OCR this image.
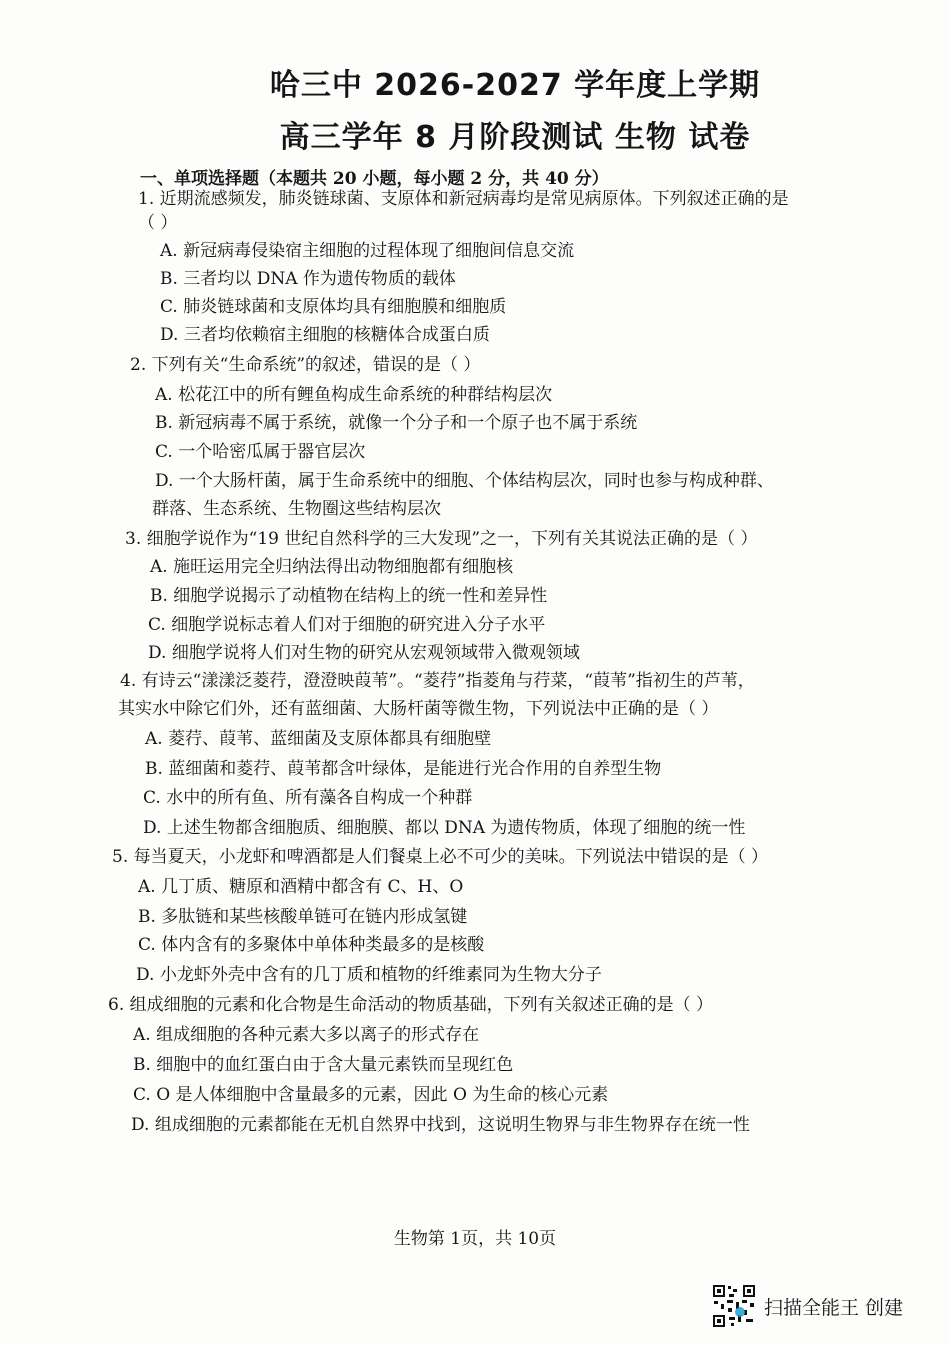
哈三中 2026-2027 学年度上学期
高三学年 8 月阶段测试 生物 试卷
一、单项选择题（本题共 20 小题，每小题 2 分，共 40 分）
1. 近期流感频发，肺炎链球菌、支原体和新冠病毒均是常见病原体。下列叙述正确的是
（ ）
A. 新冠病毒侵染宿主细胞的过程体现了细胞间信息交流
B. 三者均以 DNA 作为遗传物质的载体
C. 肺炎链球菌和支原体均具有细胞膜和细胞质
D. 三者均依赖宿主细胞的核糖体合成蛋白质
2. 下列有关“生命系统”的叙述，错误的是（ ）
A. 松花江中的所有鲤鱼构成生命系统的种群结构层次
B. 新冠病毒不属于系统，就像一个分子和一个原子也不属于系统
C. 一个哈密瓜属于器官层次
D. 一个大肠杆菌，属于生命系统中的细胞、个体结构层次，同时也参与构成种群、
群落、生态系统、生物圈这些结构层次
3. 细胞学说作为“19 世纪自然科学的三大发现”之一，下列有关其说法正确的是（ ）
A. 施旺运用完全归纳法得出动物细胞都有细胞核
B. 细胞学说揭示了动植物在结构上的统一性和差异性
C. 细胞学说标志着人们对于细胞的研究进入分子水平
D. 细胞学说将人们对生物的研究从宏观领域带入微观领域
4. 有诗云“漾漾泛菱荇，澄澄映葭苇”。“菱荇”指菱角与荇菜，“葭苇”指初生的芦苇，
其实水中除它们外，还有蓝细菌、大肠杆菌等微生物，下列说法中正确的是（ ）
A. 菱荇、葭苇、蓝细菌及支原体都具有细胞壁
B. 蓝细菌和菱荇、葭苇都含叶绿体，是能进行光合作用的自养型生物
C. 水中的所有鱼、所有藻各自构成一个种群
D. 上述生物都含细胞质、细胞膜、都以 DNA 为遗传物质，体现了细胞的统一性
5. 每当夏天，小龙虾和啤酒都是人们餐桌上必不可少的美味。下列说法中错误的是（ ）
A. 几丁质、糖原和酒精中都含有 C、H、O
B. 多肽链和某些核酸单链可在链内形成氢键
C. 体内含有的多聚体中单体种类最多的是核酸
D. 小龙虾外壳中含有的几丁质和植物的纤维素同为生物大分子
6. 组成细胞的元素和化合物是生命活动的物质基础，下列有关叙述正确的是（ ）
A. 组成细胞的各种元素大多以离子的形式存在
B. 细胞中的血红蛋白由于含大量元素铁而呈现红色
C. O 是人体细胞中含量最多的元素，因此 O 为生命的核心元素
D. 组成细胞的元素都能在无机自然界中找到，这说明生物界与非生物界存在统一性
生物第 1页，共 10页
扫描全能王 创建
